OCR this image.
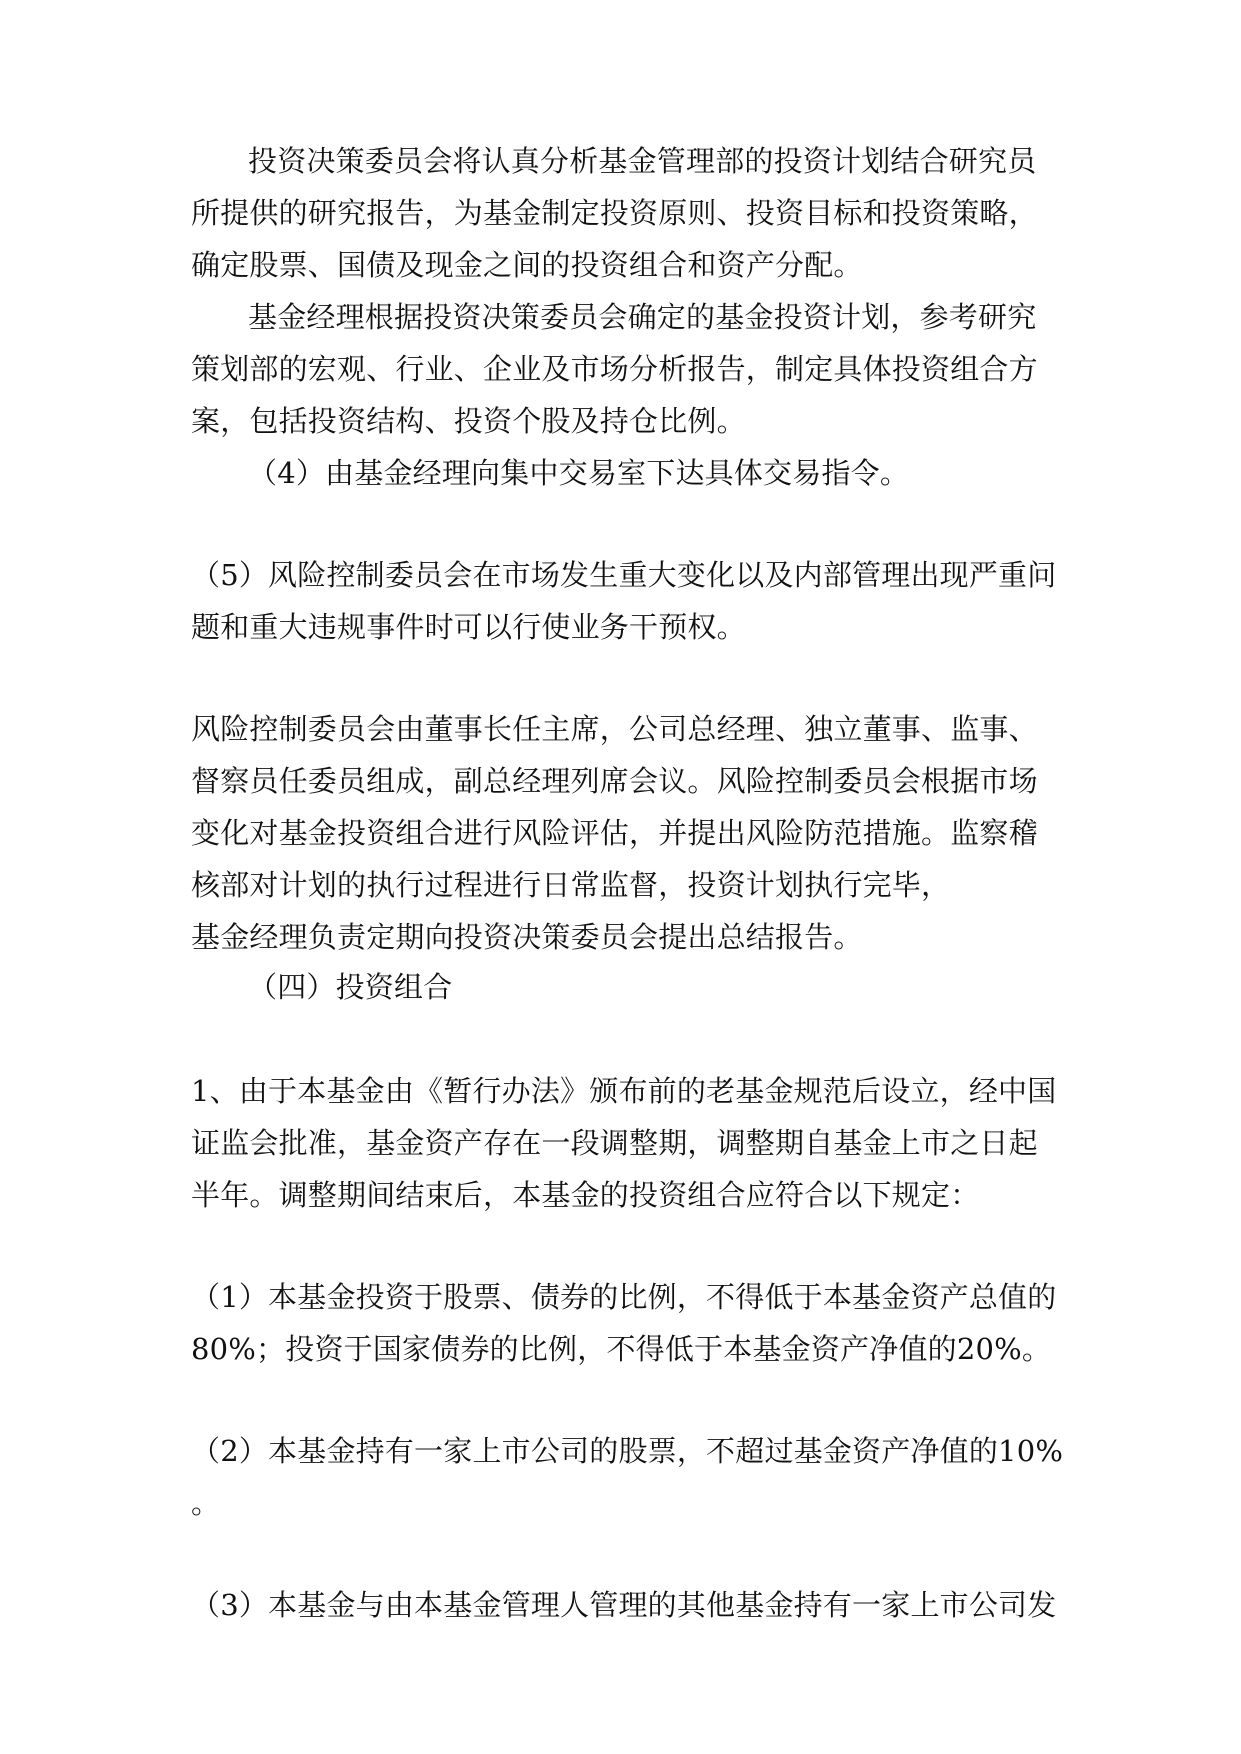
投资决策委员会将认真分析基金管理部的投资计划结合研究员

所提供的研究报告，为基金制定投资原则、投资目标和投资策略，

确定股票、国债及现金之间的投资组合和资产分配。

基金经理根据投资决策委员会确定的基金投资计划，参考研究

策划部的宏观、行业、企业及市场分析报告，制定具体投资组合方

案，包括投资结构、投资个股及持仓比例。

（4）由基金经理向集中交易室下达具体交易指令。

（5）风险控制委员会在市场发生重大变化以及内部管理出现严重问

题和重大违规事件时可以行使业务干预权。

风险控制委员会由董事长任主席，公司总经理、独立董事、监事、

督察员任委员组成，副总经理列席会议。风险控制委员会根据市场

变化对基金投资组合进行风险评估，并提出风险防范措施。监察稽

核部对计划的执行过程进行日常监督，投资计划执行完毕，

基金经理负责定期向投资决策委员会提出总结报告。

（四）投资组合

1、由于本基金由《暂行办法》颁布前的老基金规范后设立，经中国

证监会批准，基金资产存在一段调整期，调整期自基金上市之日起

半年。调整期间结束后，本基金的投资组合应符合以下规定：

（1）本基金投资于股票、债券的比例，不得低于本基金资产总值的

80%；投资于国家债券的比例，不得低于本基金资产净值的20%。

（2）本基金持有一家上市公司的股票，不超过基金资产净值的10%

。

（3）本基金与由本基金管理人管理的其他基金持有一家上市公司发
